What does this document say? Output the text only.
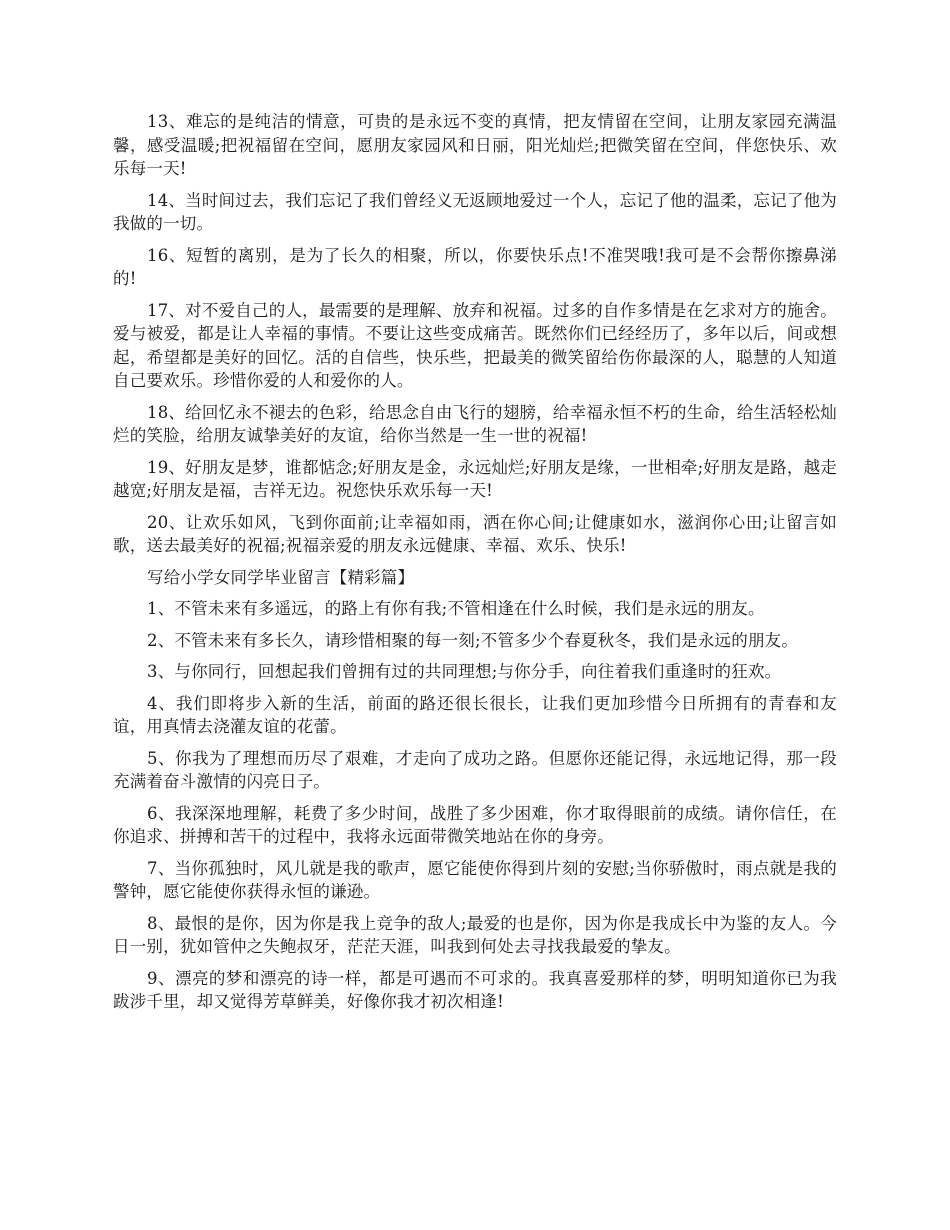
13、难忘的是纯洁的情意，可贵的是永远不变的真情，把友情留在空间，让朋友家园充满温馨，感受温暖;把祝福留在空间，愿朋友家园风和日丽，阳光灿烂;把微笑留在空间，伴您快乐、欢乐每一天!

14、当时间过去，我们忘记了我们曾经义无返顾地爱过一个人，忘记了他的温柔，忘记了他为我做的一切。

16、短暂的离别，是为了长久的相聚，所以，你要快乐点!不准哭哦!我可是不会帮你擦鼻涕的!

17、对不爱自己的人，最需要的是理解、放弃和祝福。过多的自作多情是在乞求对方的施舍。爱与被爱，都是让人幸福的事情。不要让这些变成痛苦。既然你们已经经历了，多年以后，间或想起，希望都是美好的回忆。活的自信些，快乐些，把最美的微笑留给伤你最深的人，聪慧的人知道自己要欢乐。珍惜你爱的人和爱你的人。

18、给回忆永不褪去的色彩，给思念自由飞行的翅膀，给幸福永恒不朽的生命，给生活轻松灿烂的笑脸，给朋友诚挚美好的友谊，给你当然是一生一世的祝福!

19、好朋友是梦，谁都惦念;好朋友是金，永远灿烂;好朋友是缘，一世相牵;好朋友是路，越走越宽;好朋友是福，吉祥无边。祝您快乐欢乐每一天!

20、让欢乐如风，飞到你面前;让幸福如雨，洒在你心间;让健康如水，滋润你心田;让留言如歌，送去最美好的祝福;祝福亲爱的朋友永远健康、幸福、欢乐、快乐!

写给小学女同学毕业留言【精彩篇】

1、不管未来有多遥远，的路上有你有我;不管相逢在什么时候，我们是永远的朋友。

2、不管未来有多长久，请珍惜相聚的每一刻;不管多少个春夏秋冬，我们是永远的朋友。

3、与你同行，回想起我们曾拥有过的共同理想;与你分手，向往着我们重逢时的狂欢。

4、我们即将步入新的生活，前面的路还很长很长，让我们更加珍惜今日所拥有的青春和友谊，用真情去浇灌友谊的花蕾。

5、你我为了理想而历尽了艰难，才走向了成功之路。但愿你还能记得，永远地记得，那一段充满着奋斗激情的闪亮日子。

6、我深深地理解，耗费了多少时间，战胜了多少困难，你才取得眼前的成绩。请你信任，在你追求、拼搏和苦干的过程中，我将永远面带微笑地站在你的身旁。

7、当你孤独时，风儿就是我的歌声，愿它能使你得到片刻的安慰;当你骄傲时，雨点就是我的警钟，愿它能使你获得永恒的谦逊。

8、最恨的是你，因为你是我上竞争的敌人;最爱的也是你，因为你是我成长中为鉴的友人。今日一别，犹如管仲之失鲍叔牙，茫茫天涯，叫我到何处去寻找我最爱的挚友。

9、漂亮的梦和漂亮的诗一样，都是可遇而不可求的。我真喜爱那样的梦，明明知道你已为我跋涉千里，却又觉得芳草鲜美，好像你我才初次相逢!
